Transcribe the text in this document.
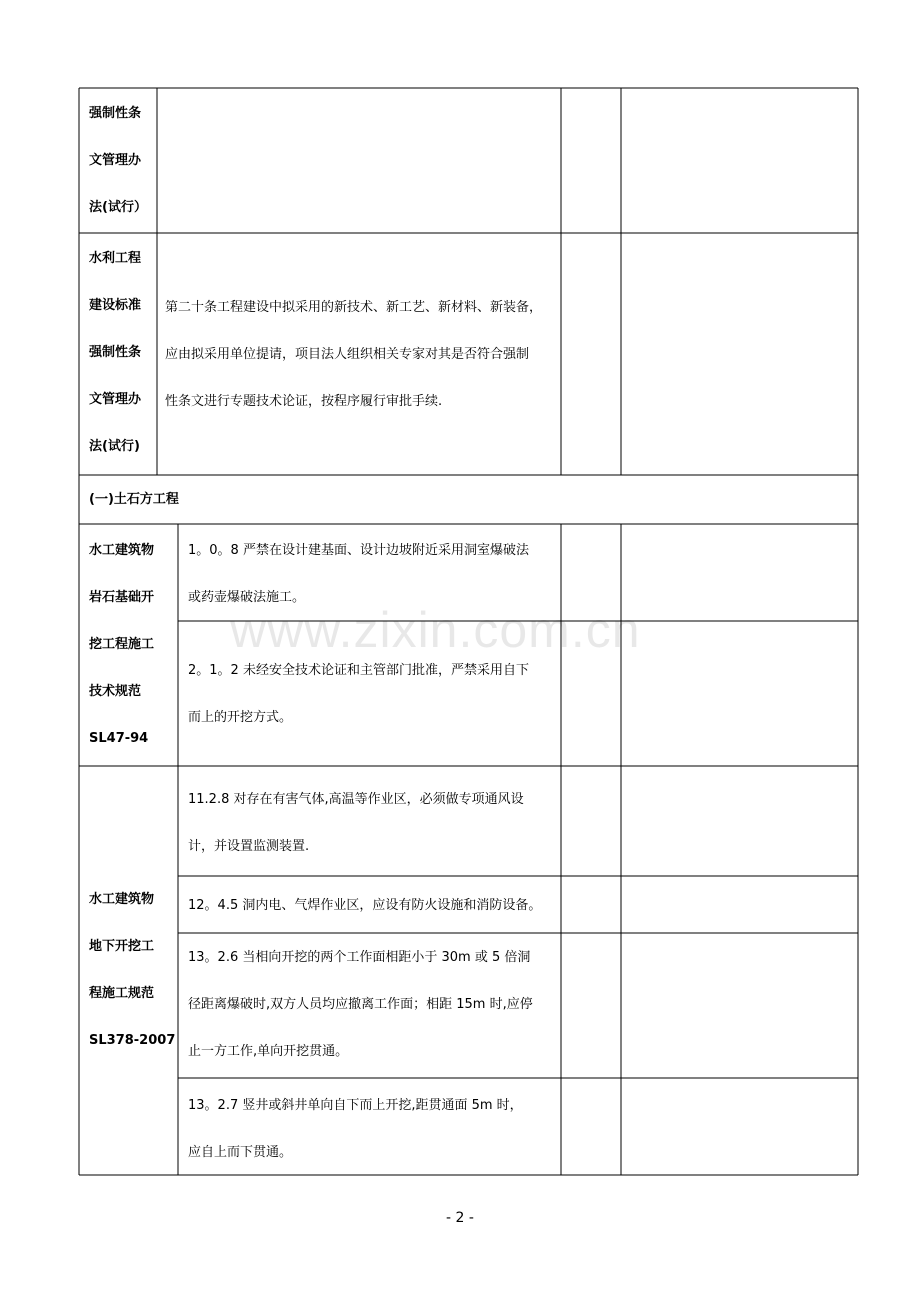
强制性条
文管理办
法(试行）
水利工程
建设标准
强制性条
文管理办
法(试行)
第二十条工程建设中拟采用的新技术、新工艺、新材料、新装备，
应由拟采用单位提请，项目法人组织相关专家对其是否符合强制
性条文进行专题技术论证，按程序履行审批手续.
(一)土石方工程
水工建筑物
岩石基础开
挖工程施工
技术规范
SL47-94
1。0。8 严禁在设计建基面、设计边坡附近采用洞室爆破法
或药壶爆破法施工。
2。1。2 未经安全技术论证和主管部门批准，严禁采用自下
而上的开挖方式。
水工建筑物
地下开挖工
程施工规范
SL378-2007
11.2.8 对存在有害气体,高温等作业区，必须做专项通风设
计，并设置监测装置.
12。4.5 洞内电、气焊作业区，应设有防火设施和消防设备。
13。2.6 当相向开挖的两个工作面相距小于 30m 或 5 倍洞
径距离爆破时,双方人员均应撤离工作面；相距 15m 时,应停
止一方工作,单向开挖贯通。
13。2.7 竖井或斜井单向自下而上开挖,距贯通面 5m 时，
应自上而下贯通。
www.zixin.com.cn
- 2 -
